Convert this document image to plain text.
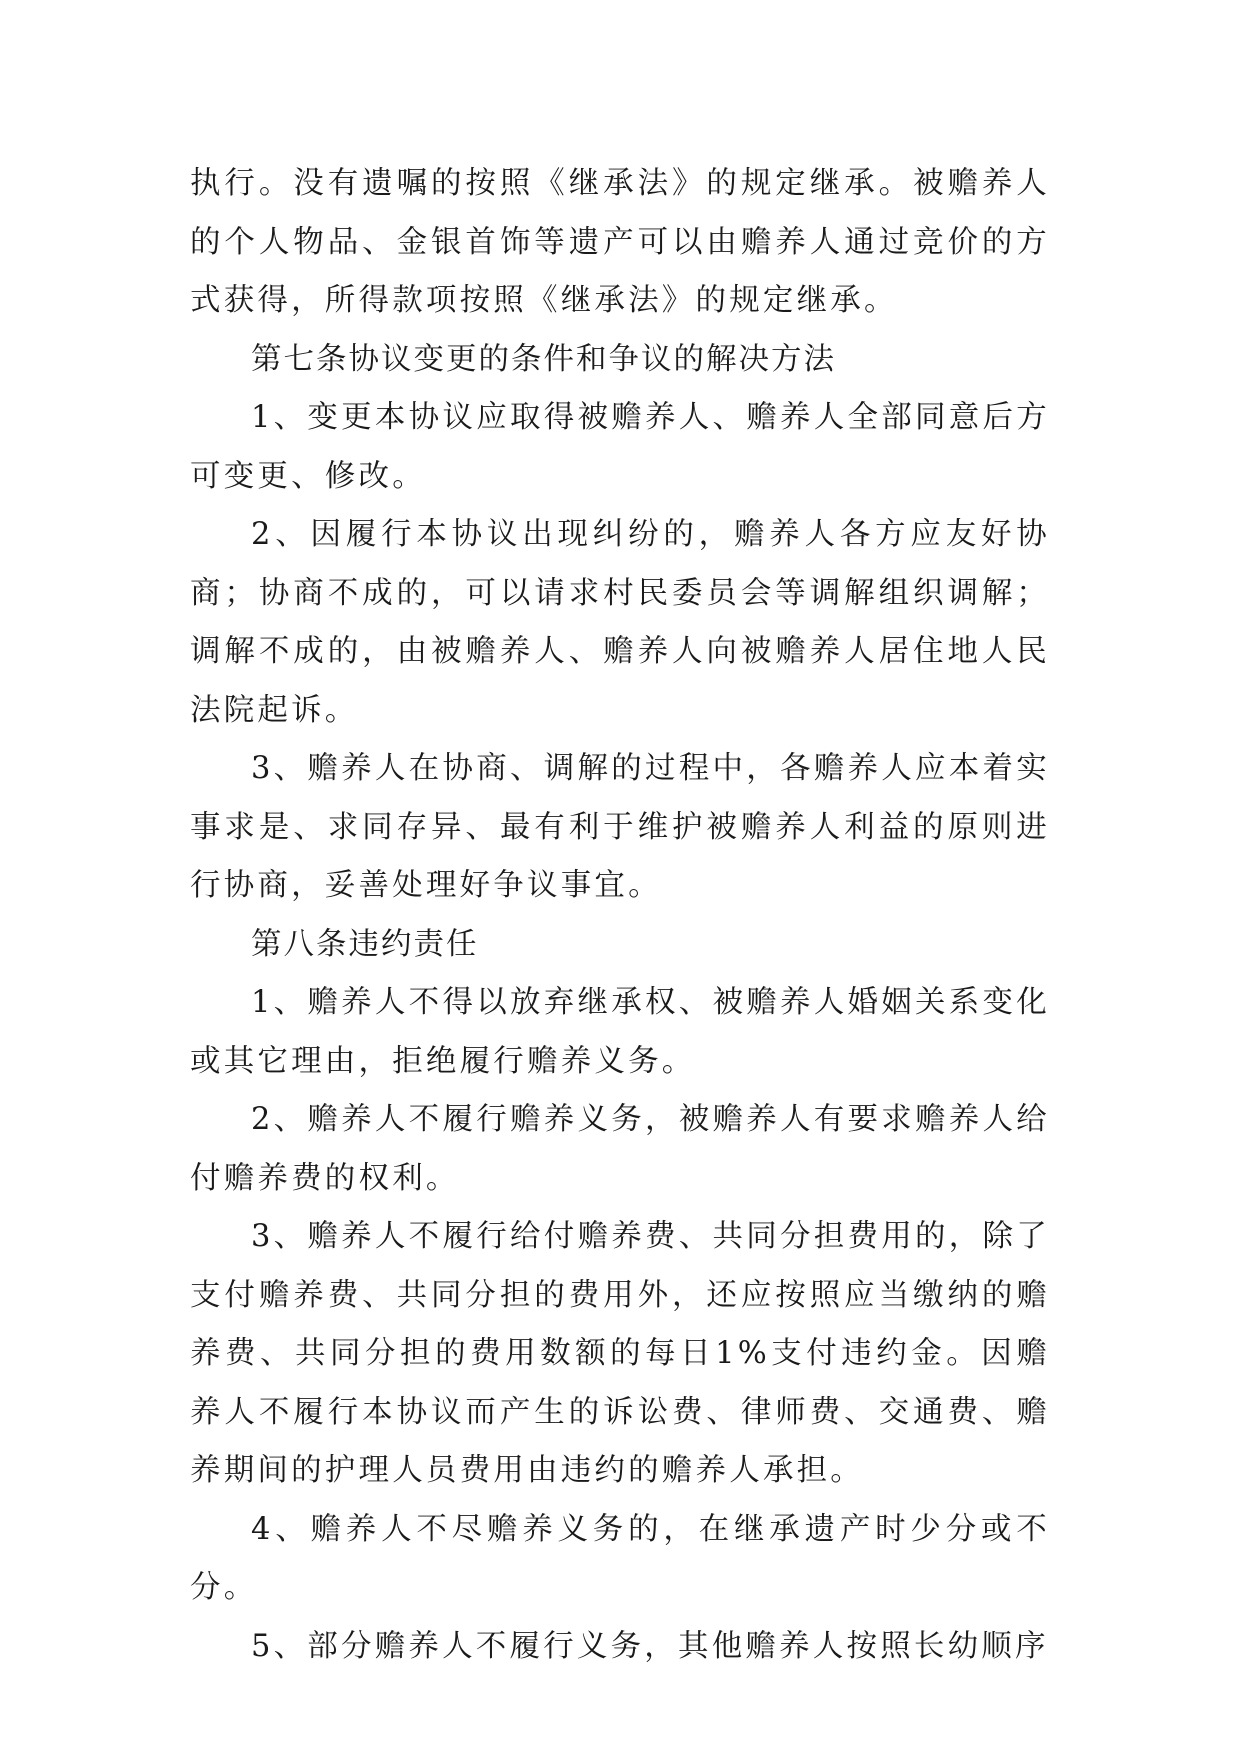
执行。没有遗嘱的按照《继承法》的规定继承。被赡养人的个人物品、金银首饰等遗产可以由赡养人通过竞价的方式获得，所得款项按照《继承法》的规定继承。

第七条协议变更的条件和争议的解决方法

1、变更本协议应取得被赡养人、赡养人全部同意后方可变更、修改。

2、因履行本协议出现纠纷的，赡养人各方应友好协商；协商不成的，可以请求村民委员会等调解组织调解；调解不成的，由被赡养人、赡养人向被赡养人居住地人民法院起诉。

3、赡养人在协商、调解的过程中，各赡养人应本着实事求是、求同存异、最有利于维护被赡养人利益的原则进行协商，妥善处理好争议事宜。

第八条违约责任

1、赡养人不得以放弃继承权、被赡养人婚姻关系变化或其它理由，拒绝履行赡养义务。

2、赡养人不履行赡养义务，被赡养人有要求赡养人给付赡养费的权利。

3、赡养人不履行给付赡养费、共同分担费用的，除了支付赡养费、共同分担的费用外，还应按照应当缴纳的赡养费、共同分担的费用数额的每日1%支付违约金。因赡养人不履行本协议而产生的诉讼费、律师费、交通费、赡养期间的护理人员费用由违约的赡养人承担。

4、赡养人不尽赡养义务的，在继承遗产时少分或不分。

5、部分赡养人不履行义务，其他赡养人按照长幼顺序
